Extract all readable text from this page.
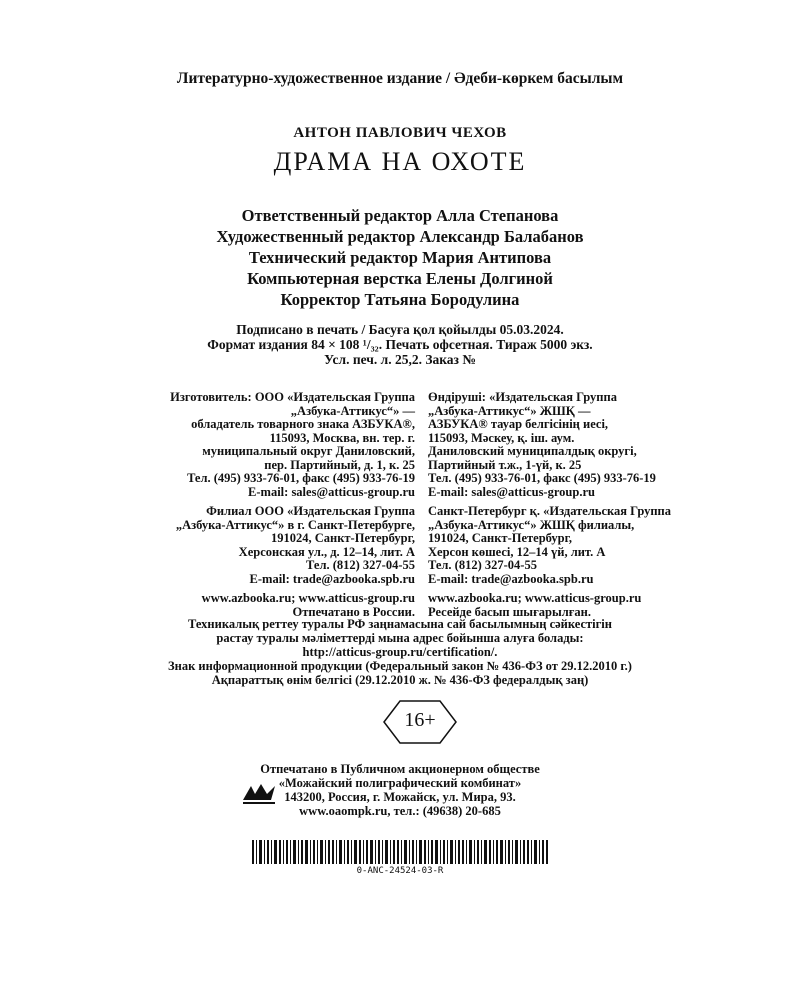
Литературно-художественное издание / Әдеби-көркем басылым
АНТОН ПАВЛОВИЧ ЧЕХОВ
ДРАМА НА ОХОТЕ
Ответственный редактор Алла Степанова
Художественный редактор Александр Балабанов
Технический редактор Мария Антипова
Компьютерная верстка Елены Долгиной
Корректор Татьяна Бородулина
Подписано в печать / Басуға қол қойылды 05.03.2024.
Формат издания 84 × 108 ¹/₃₂. Печать офсетная. Тираж 5000 экз.
Усл. печ. л. 25,2. Заказ №
Изготовитель: ООО «Издательская Группа
„Азбука-Аттикус“» —
обладатель товарного знака АЗБУКА®,
115093, Москва, вн. тер. г.
муниципальный округ Даниловский,
пер. Партийный, д. 1, к. 25
Тел. (495) 933-76-01, факс (495) 933-76-19
E-mail: sales@atticus-group.ru
Филиал ООО «Издательская Группа
„Азбука-Аттикус“» в г. Санкт-Петербурге,
191024, Санкт-Петербург,
Херсонская ул., д. 12–14, лит. А
Тел. (812) 327-04-55
E-mail: trade@azbooka.spb.ru
www.azbooka.ru; www.atticus-group.ru
Отпечатано в России.
Өндіруші: «Издательская Группа
„Азбука-Аттикус“» ЖШҚ —
АЗБУКА® тауар белгісінің иесі,
115093, Мәскеу, қ. іш. аум.
Даниловский муниципалдық округі,
Партийный т.ж., 1-үй, к. 25
Тел. (495) 933-76-01, факс (495) 933-76-19
E-mail: sales@atticus-group.ru
Санкт-Петербург қ. «Издательская Группа
„Азбука-Аттикус“» ЖШҚ филиалы,
191024, Санкт-Петербург,
Херсон көшесі, 12–14 үй, лит. А
Тел. (812) 327-04-55
E-mail: trade@azbooka.spb.ru
www.azbooka.ru; www.atticus-group.ru
Ресейде басып шығарылған.
Техникалық реттеу туралы РФ заңнамасына сай басылымның сәйкестігін
растау туралы мәліметтерді мына адрес бойынша алуға болады:
http://atticus-group.ru/certification/.
Знак информационной продукции (Федеральный закон № 436-ФЗ от 29.12.2010 г.)
Ақпараттық өнім белгісі (29.12.2010 ж. № 436-ФЗ федералдық заң)
16+
Отпечатано в Публичном акционерном обществе
«Можайский полиграфический комбинат»
143200, Россия, г. Можайск, ул. Мира, 93.
www.oaompk.ru, тел.: (49638) 20-685
0-ANC-24524-03-R
